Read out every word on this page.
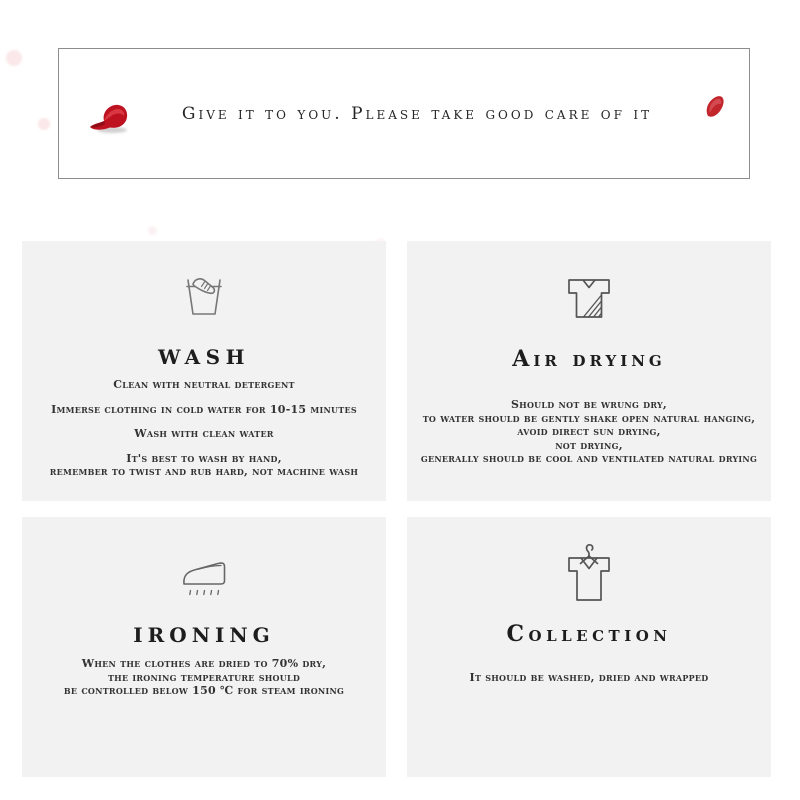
Give it to you. Please take good care of it
WASH

Clean with neutral detergent

Immerse clothing in cold water for 10-15 minutes

Wash with clean water

It's best to wash by hand,
remember to twist and rub hard, not machine wash

Air drying

Should not be wrung dry,
to water should be gently shake open natural hanging,
avoid direct sun drying,
not drying,
generally should be cool and ventilated natural drying

IRONING

When the clothes are dried to 70% dry,
the ironing temperature should
be controlled below 150 ℃ for steam ironing

Collection

It should be washed, dried and wrapped
